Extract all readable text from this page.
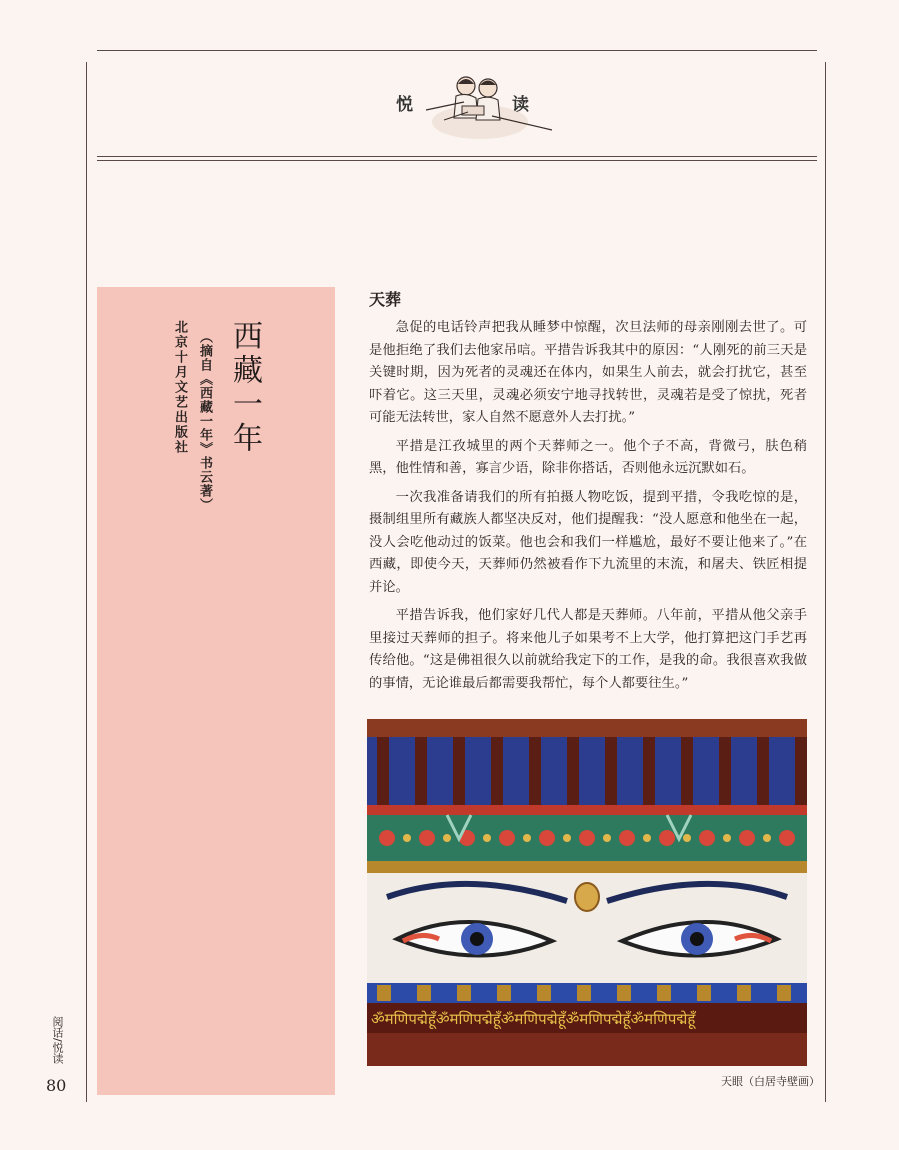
悦	读
西藏一年
（摘自《西藏一年》书云著）
北京十月文艺出版社
天葬

急促的电话铃声把我从睡梦中惊醒，次旦法师的母亲刚刚去世了。可是他拒绝了我们去他家吊唁。平措告诉我其中的原因：“人刚死的前三天是关键时期，因为死者的灵魂还在体内，如果生人前去，就会打扰它，甚至吓着它。这三天里，灵魂必须安宁地寻找转世，灵魂若是受了惊扰，死者可能无法转世，家人自然不愿意外人去打扰。”

平措是江孜城里的两个天葬师之一。他个子不高，背微弓，肤色稍黑，他性情和善，寡言少语，除非你搭话，否则他永远沉默如石。

一次我准备请我们的所有拍摄人物吃饭，提到平措，令我吃惊的是，摄制组里所有藏族人都坚决反对，他们提醒我：“没人愿意和他坐在一起，没人会吃他动过的饭菜。他也会和我们一样尴尬，最好不要让他来了。”在西藏，即使今天，天葬师仍然被看作下九流里的末流，和屠夫、铁匠相提并论。

平措告诉我，他们家好几代人都是天葬师。八年前，平措从他父亲手里接过天葬师的担子。将来他儿子如果考不上大学，他打算把这门手艺再传给他。“这是佛祖很久以前就给我定下的工作，是我的命。我很喜欢我做的事情，无论谁最后都需要我帮忙，每个人都要往生。”

ॐमणिपद्मेहूँॐमणिपद्मेहूँॐमणिपद्मेहूँॐमणिपद्मेहूँॐमणिपद्मेहूँ
天眼（白居寺壁画）
阅话/悦读
80
